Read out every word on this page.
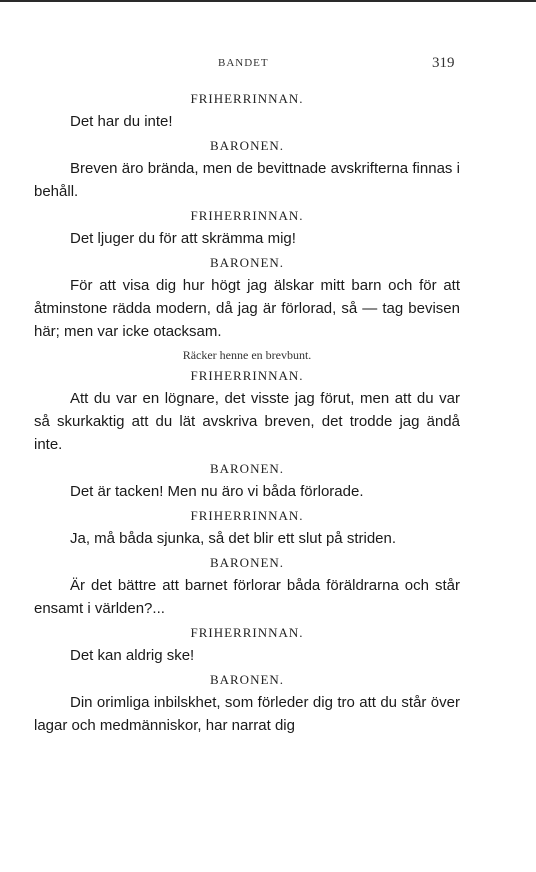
BANDET	319
FRIHERRINNAN.

Det har du inte!

BARONEN.

Breven äro brända, men de bevittnade avskrifterna finnas i behåll.

FRIHERRINNAN.

Det ljuger du för att skrämma mig!

BARONEN.

För att visa dig hur högt jag älskar mitt barn och för att åtminstone rädda modern, då jag är förlorad, så — tag bevisen här; men var icke otacksam.

Räcker henne en brevbunt.
FRIHERRINNAN.

Att du var en lögnare, det visste jag förut, men att du var så skurkaktig att du lät avskriva breven, det trodde jag ändå inte.

BARONEN.

Det är tacken! Men nu äro vi båda förlorade.

FRIHERRINNAN.

Ja, må båda sjunka, så det blir ett slut på striden.

BARONEN.

Är det bättre att barnet förlorar båda föräldrarna och står ensamt i världen?...

FRIHERRINNAN.

Det kan aldrig ske!

BARONEN.

Din orimliga inbilskhet, som förleder dig tro att du står över lagar och medmänniskor, har narrat dig
